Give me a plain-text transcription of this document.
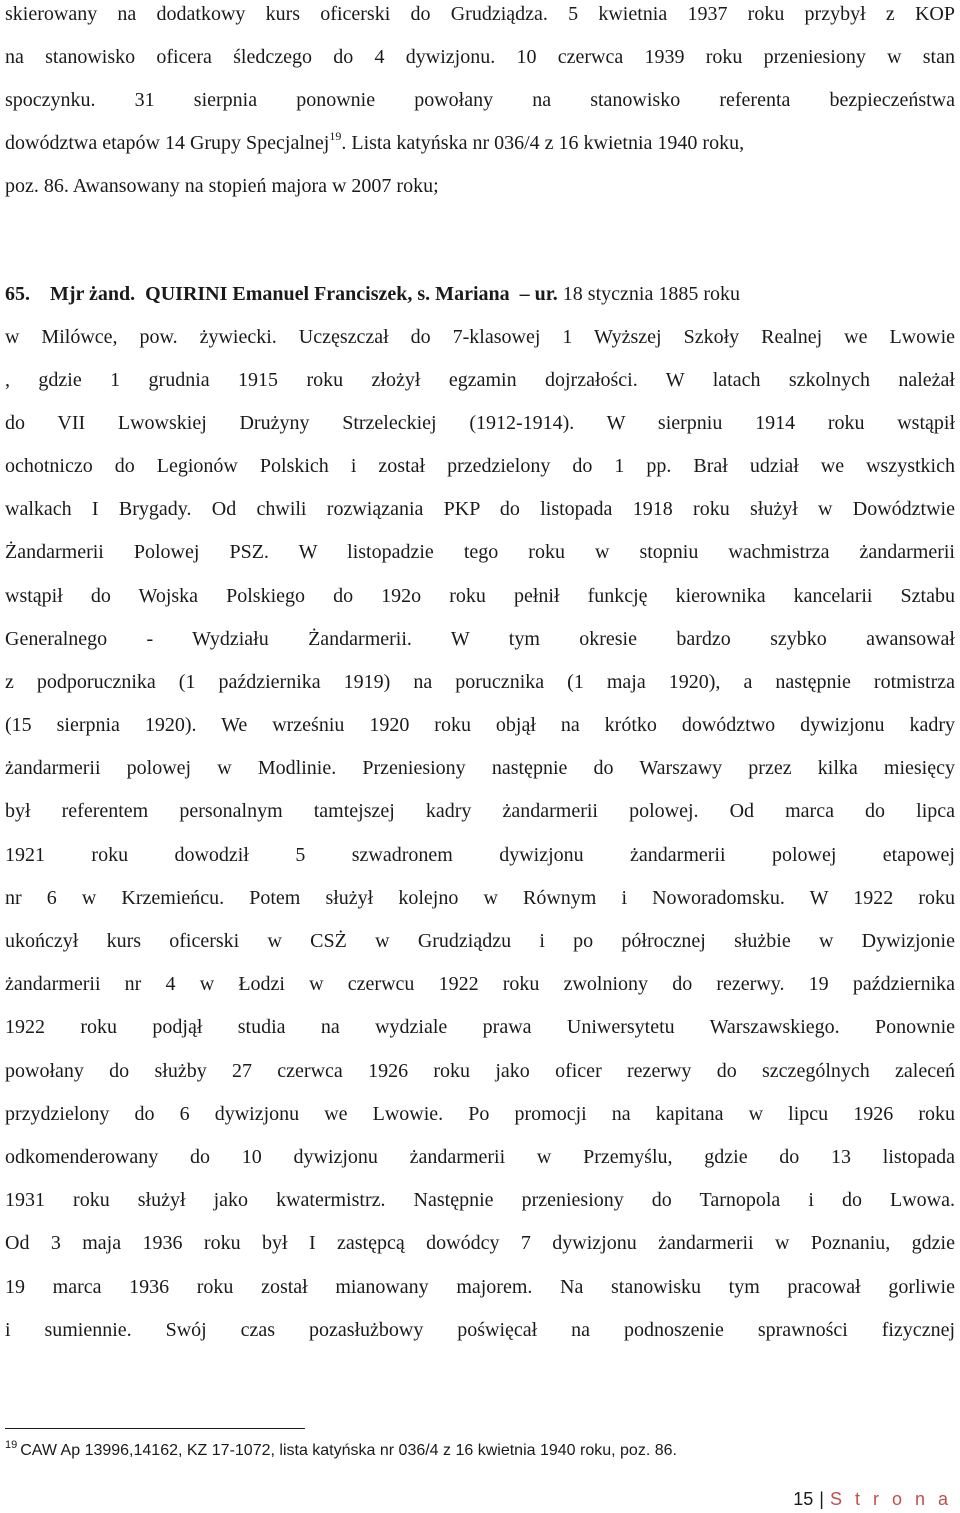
skierowany na dodatkowy kurs oficerski do Grudziądza. 5 kwietnia 1937 roku przybył z KOP
na stanowisko oficera śledczego do 4 dywizjonu. 10 czerwca 1939 roku przeniesiony w stan
spoczynku. 31 sierpnia ponownie powołany na stanowisko referenta bezpieczeństwa
dowództwa etapów 14 Grupy Specjalnej$^{19}$. Lista katyńska nr 036/4 z 16 kwietnia 1940 roku,
poz. 86. Awansowany na stopień majora w 2007 roku;
65.    Mjr żand.  QUIRINI Emanuel Franciszek, s. Mariana  – ur. 18 stycznia 1885 roku
w Milówce, pow. żywiecki. Uczęszczał do 7-klasowej 1 Wyższej Szkoły Realnej we Lwowie
, gdzie 1 grudnia 1915 roku złożył egzamin dojrzałości. W latach szkolnych należał
do VII Lwowskiej Drużyny Strzeleckiej (1912-1914). W sierpniu 1914 roku wstąpił
ochotniczo do Legionów Polskich i został przedzielony do 1 pp. Brał udział we wszystkich
walkach I Brygady. Od chwili rozwiązania PKP do listopada 1918 roku służył w Dowództwie
Żandarmerii Polowej PSZ. W listopadzie tego roku w stopniu wachmistrza żandarmerii
wstąpił do Wojska Polskiego do 192o roku pełnił funkcję kierownika kancelarii Sztabu
Generalnego - Wydziału Żandarmerii. W tym okresie bardzo szybko awansował
z podporucznika (1 października 1919) na porucznika (1 maja 1920), a następnie rotmistrza
(15 sierpnia 1920). We wrześniu 1920 roku objął na krótko dowództwo dywizjonu kadry
żandarmerii polowej w Modlinie. Przeniesiony następnie do Warszawy przez kilka miesięcy
był referentem personalnym tamtejszej kadry żandarmerii polowej. Od marca do lipca
1921 roku dowodził 5 szwadronem dywizjonu żandarmerii polowej etapowej
nr 6 w Krzemieńcu. Potem służył kolejno w Równym i Noworadomsku. W 1922 roku
ukończył kurs oficerski w CSŻ w Grudziądzu i po półrocznej służbie w Dywizjonie
żandarmerii nr 4 w Łodzi w czerwcu 1922 roku zwolniony do rezerwy. 19 października
1922 roku podjął studia na wydziale prawa Uniwersytetu Warszawskiego. Ponownie
powołany do służby 27 czerwca 1926 roku jako oficer rezerwy do szczególnych zaleceń
przydzielony do 6 dywizjonu we Lwowie. Po promocji na kapitana w lipcu 1926 roku
odkomenderowany do 10 dywizjonu żandarmerii w Przemyślu, gdzie do 13 listopada
1931 roku służył jako kwatermistrz. Następnie przeniesiony do Tarnopola i do Lwowa.
Od 3 maja 1936 roku był I zastępcą dowódcy 7 dywizjonu żandarmerii w Poznaniu, gdzie
19 marca 1936 roku został mianowany majorem. Na stanowisku tym pracował gorliwie
i sumiennie. Swój czas pozasłużbowy poświęcał na podnoszenie sprawności fizycznej
$^{19}$ CAW Ap 13996,14162, KZ 17-1072, lista katyńska nr 036/4 z 16 kwietnia 1940 roku, poz. 86.
15 | S t r o n a
